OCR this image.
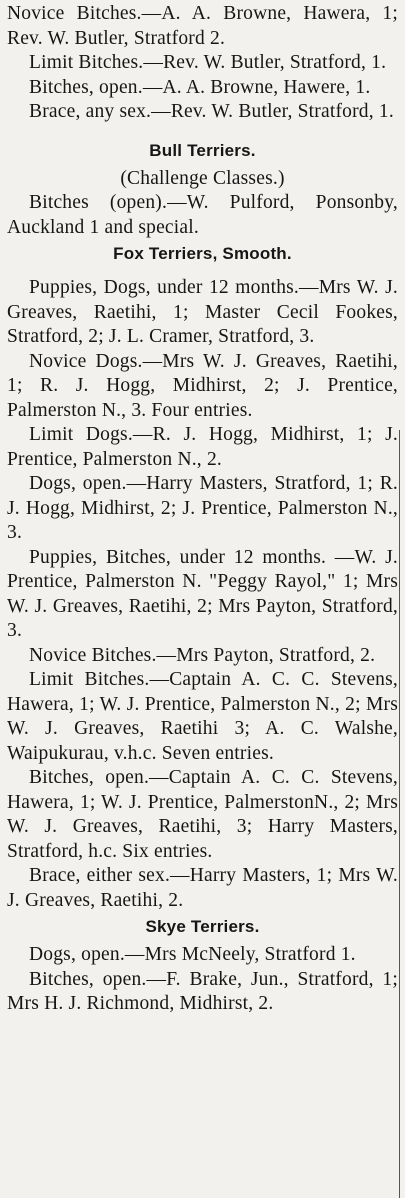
Novice Bitches.—A. A. Browne, Hawera, 1; Rev. W. Butler, Stratford 2.

Limit Bitches.—Rev. W. Butler, Stratford, 1.

Bitches, open.—A. A. Browne, Hawere, 1.

Brace, any sex.—Rev. W. Butler, Stratford, 1.

Bull Terriers.

(Challenge Classes.)

Bitches (open).—W. Pulford, Ponsonby, Auckland 1 and special.

Fox Terriers, Smooth.

Puppies, Dogs, under 12 months.—Mrs W. J. Greaves, Raetihi, 1; Master Cecil Fookes, Stratford, 2; J. L. Cramer, Stratford, 3.

Novice Dogs.—Mrs W. J. Greaves, Raetihi, 1; R. J. Hogg, Midhirst, 2; J. Prentice, Palmerston N., 3. Four entries.

Limit Dogs.—R. J. Hogg, Midhirst, 1; J. Prentice, Palmerston N., 2.

Dogs, open.—Harry Masters, Stratford, 1; R. J. Hogg, Midhirst, 2; J. Prentice, Palmerston N., 3.

Puppies, Bitches, under 12 months. —W. J. Prentice, Palmerston N. "Peggy Rayol," 1; Mrs W. J. Greaves, Raetihi, 2; Mrs Payton, Stratford, 3.

Novice Bitches.—Mrs Payton, Stratford, 2.

Limit Bitches.—Captain A. C. C. Stevens, Hawera, 1; W. J. Prentice, Palmerston N., 2; Mrs W. J. Greaves, Raetihi 3; A. C. Walshe, Waipukurau, v.h.c. Seven entries.

Bitches, open.—Captain A. C. C. Stevens, Hawera, 1; W. J. Prentice, PalmerstonN., 2; Mrs W. J. Greaves, Raetihi, 3; Harry Masters, Stratford, h.c. Six entries.

Brace, either sex.—Harry Masters, 1; Mrs W. J. Greaves, Raetihi, 2.

Skye Terriers.

Dogs, open.—Mrs McNeely, Stratford 1.

Bitches, open.—F. Brake, Jun., Stratford, 1; Mrs H. J. Richmond, Midhirst, 2.
